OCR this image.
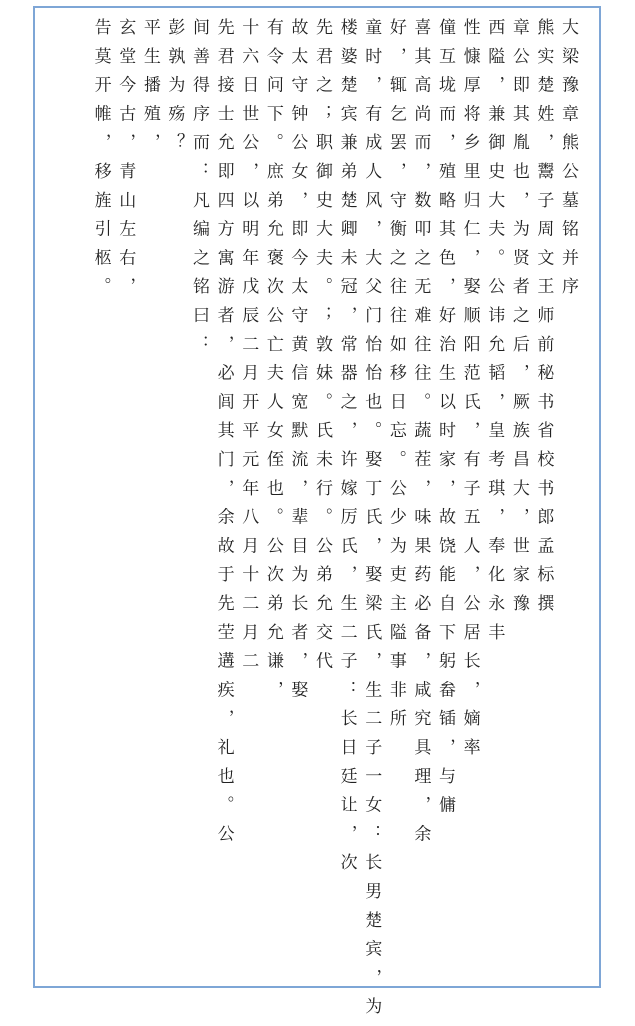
大梁豫章熊公墓铭并序
熊实楚姓，鬻子周文王师前秘书省校书郎孟标撰
章公即其胤也，为贤者之后，厥族昌大，世家豫
西隘，兼御史大夫。公讳允韬，皇考琪，奉化永丰
性慷厚将乡里归仁，娶顺阳范氏，有子五人，公居长，嫡率
僮互垅而，殖略其色，好治生以时家，故饶能自下躬畚锸，与傭
喜其高尚而，数叩之无难往往。蔬茬，味果药必备，咸究具理，余
好，辄乞罢，守衡之往往如移日忘。公少为吏主隘事非所
童时，有成人风，大父门怡怡也。娶丁氏，娶梁氏，生二子一女：长男楚宾，为
楼婆楚宾兼弟楚卿未冠，常器之，许嫁厉氏，生二子：长日廷让，次
先君之；职御史大夫。；敦妹。氏未行。公弟允交代
故太守钟公女，即今太守黄信宽默流，辈目为长者，娶
有令问下。庶弟允褒次公亡夫人女侄也。公次弟允谦，
十六日世公，以明年戊辰二月开平元年八月十二月二
先君接士允即四方寓游者，必闾其门，余故于先茔遘疾，礼也。公
间善得序而：凡编之铭曰：
彭孰为殇？
平生播殖，
玄堂今古，青山左右，
告莫开帷，移旌引柩。
